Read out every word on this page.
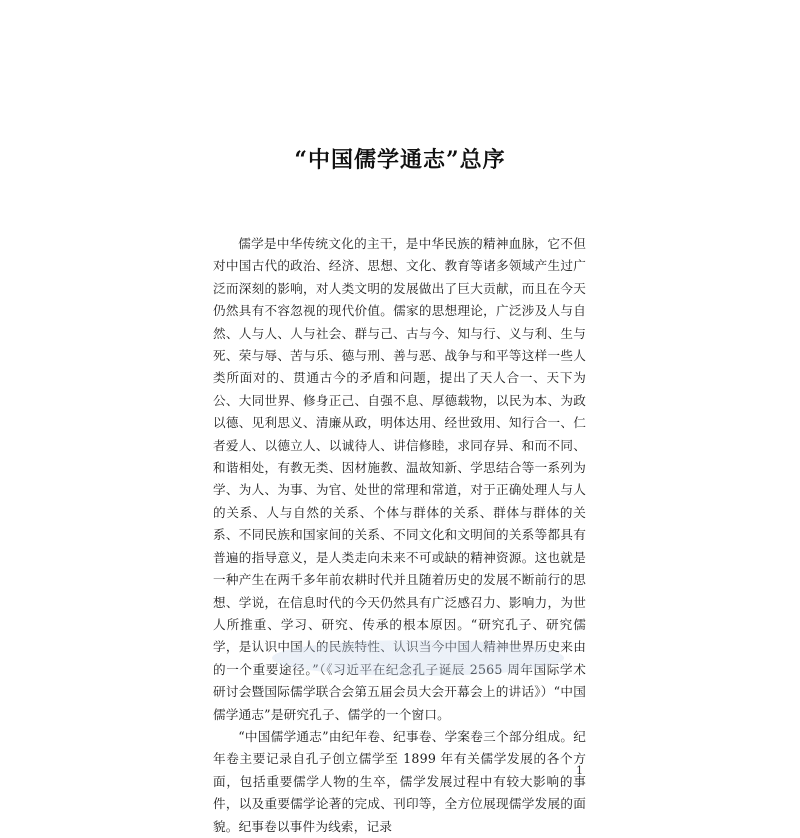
“中国儒学通志”总序

儒学是中华传统文化的主干，是中华民族的精神血脉，它不但对中国古代的政治、经济、思想、文化、教育等诸多领域产生过广泛而深刻的影响，对人类文明的发展做出了巨大贡献，而且在今天仍然具有不容忽视的现代价值。儒家的思想理论，广泛涉及人与自然、人与人、人与社会、群与己、古与今、知与行、义与利、生与死、荣与辱、苦与乐、德与刑、善与恶、战争与和平等这样一些人类所面对的、贯通古今的矛盾和问题，提出了天人合一、天下为公、大同世界、修身正己、自强不息、厚德载物，以民为本、为政以德、见利思义、清廉从政，明体达用、经世致用、知行合一、仁者爱人、以德立人、以诚待人、讲信修睦，求同存异、和而不同、和谐相处，有教无类、因材施教、温故知新、学思结合等一系列为学、为人、为事、为官、处世的常理和常道，对于正确处理人与人的关系、人与自然的关系、个体与群体的关系、群体与群体的关系、不同民族和国家间的关系、不同文化和文明间的关系等都具有普遍的指导意义，是人类走向未来不可或缺的精神资源。这也就是一种产生在两千多年前农耕时代并且随着历史的发展不断前行的思想、学说，在信息时代的今天仍然具有广泛感召力、影响力，为世人所推重、学习、研究、传承的根本原因。“研究孔子、研究儒学，是认识中国人的民族特性、认识当今中国人精神世界历史来由的一个重要途径。”（《习近平在纪念孔子诞辰 2565 周年国际学术研讨会暨国际儒学联合会第五届会员大会开幕会上的讲话》）“中国儒学通志”是研究孔子、儒学的一个窗口。

“中国儒学通志”由纪年卷、纪事卷、学案卷三个部分组成。纪年卷主要记录自孔子创立儒学至 1899 年有关儒学发展的各个方面，包括重要儒学人物的生卒，儒学发展过程中有较大影响的事件，以及重要儒学论著的完成、刊印等，全方位展现儒学发展的面貌。纪事卷以事件为线索，记录

1
